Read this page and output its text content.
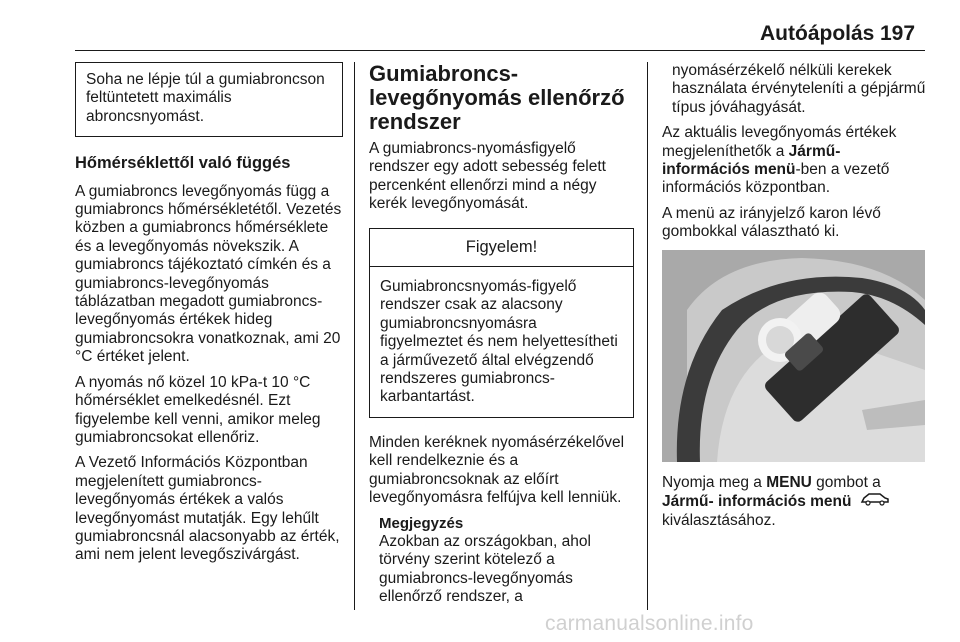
Autóápolás 197
Soha ne lépje túl a gumiabroncson feltüntetett maximális abroncsnyomást.
Hőmérséklettől való függés

A gumiabroncs levegőnyomás függ a gumiabroncs hőmérsékletétől. Vezetés közben a gumiabroncs hőmérséklete és a levegőnyomás növekszik. A gumiabroncs tájékoztató címkén és a gumiabroncs-levegőnyomás táblázatban megadott gumiabroncs-levegőnyomás értékek hideg gumiabroncsokra vonatkoznak, ami 20 °C értéket jelent.

A nyomás nő közel 10 kPa-t 10 °C hőmérséklet emelkedésnél. Ezt figyelembe kell venni, amikor meleg gumiabroncsokat ellenőriz.

A Vezető Információs Központban megjelenített gumiabroncs-levegőnyomás értékek a valós levegőnyomást mutatják. Egy lehűlt gumiabroncsnál alacsonyabb az érték, ami nem jelent levegőszivárgást.

Gumiabroncs-levegőnyomás ellenőrző rendszer

A gumiabroncs-nyomásfigyelő rendszer egy adott sebesség felett percenként ellenőrzi mind a négy kerék levegőnyomását.

Figyelem!
Gumiabroncsnyomás-figyelő rendszer csak az alacsony gumiabroncsnyomásra figyelmeztet és nem helyettesítheti a járművezető által elvégzendő rendszeres gumiabroncs-karbantartást.

Minden keréknek nyomásérzékelővel kell rendelkeznie és a gumiabroncsoknak az előírt levegőnyomásra felfújva kell lenniük.

Megjegyzés
Azokban az országokban, ahol törvény szerint kötelező a gumiabroncs-levegőnyomás ellenőrző rendszer, a

nyomásérzékelő nélküli kerekek használata érvényteleníti a gépjármű típus jóváhagyását.

Az aktuális levegőnyomás értékek megjeleníthetők a Jármű-információs menü-ben a vezető információs központban.

A menü az irányjelző karon lévő gombokkal választható ki.

Nyomja meg a MENU gombot a
Jármű- információs menü
kiválasztásához.

carmanualsonline.info
